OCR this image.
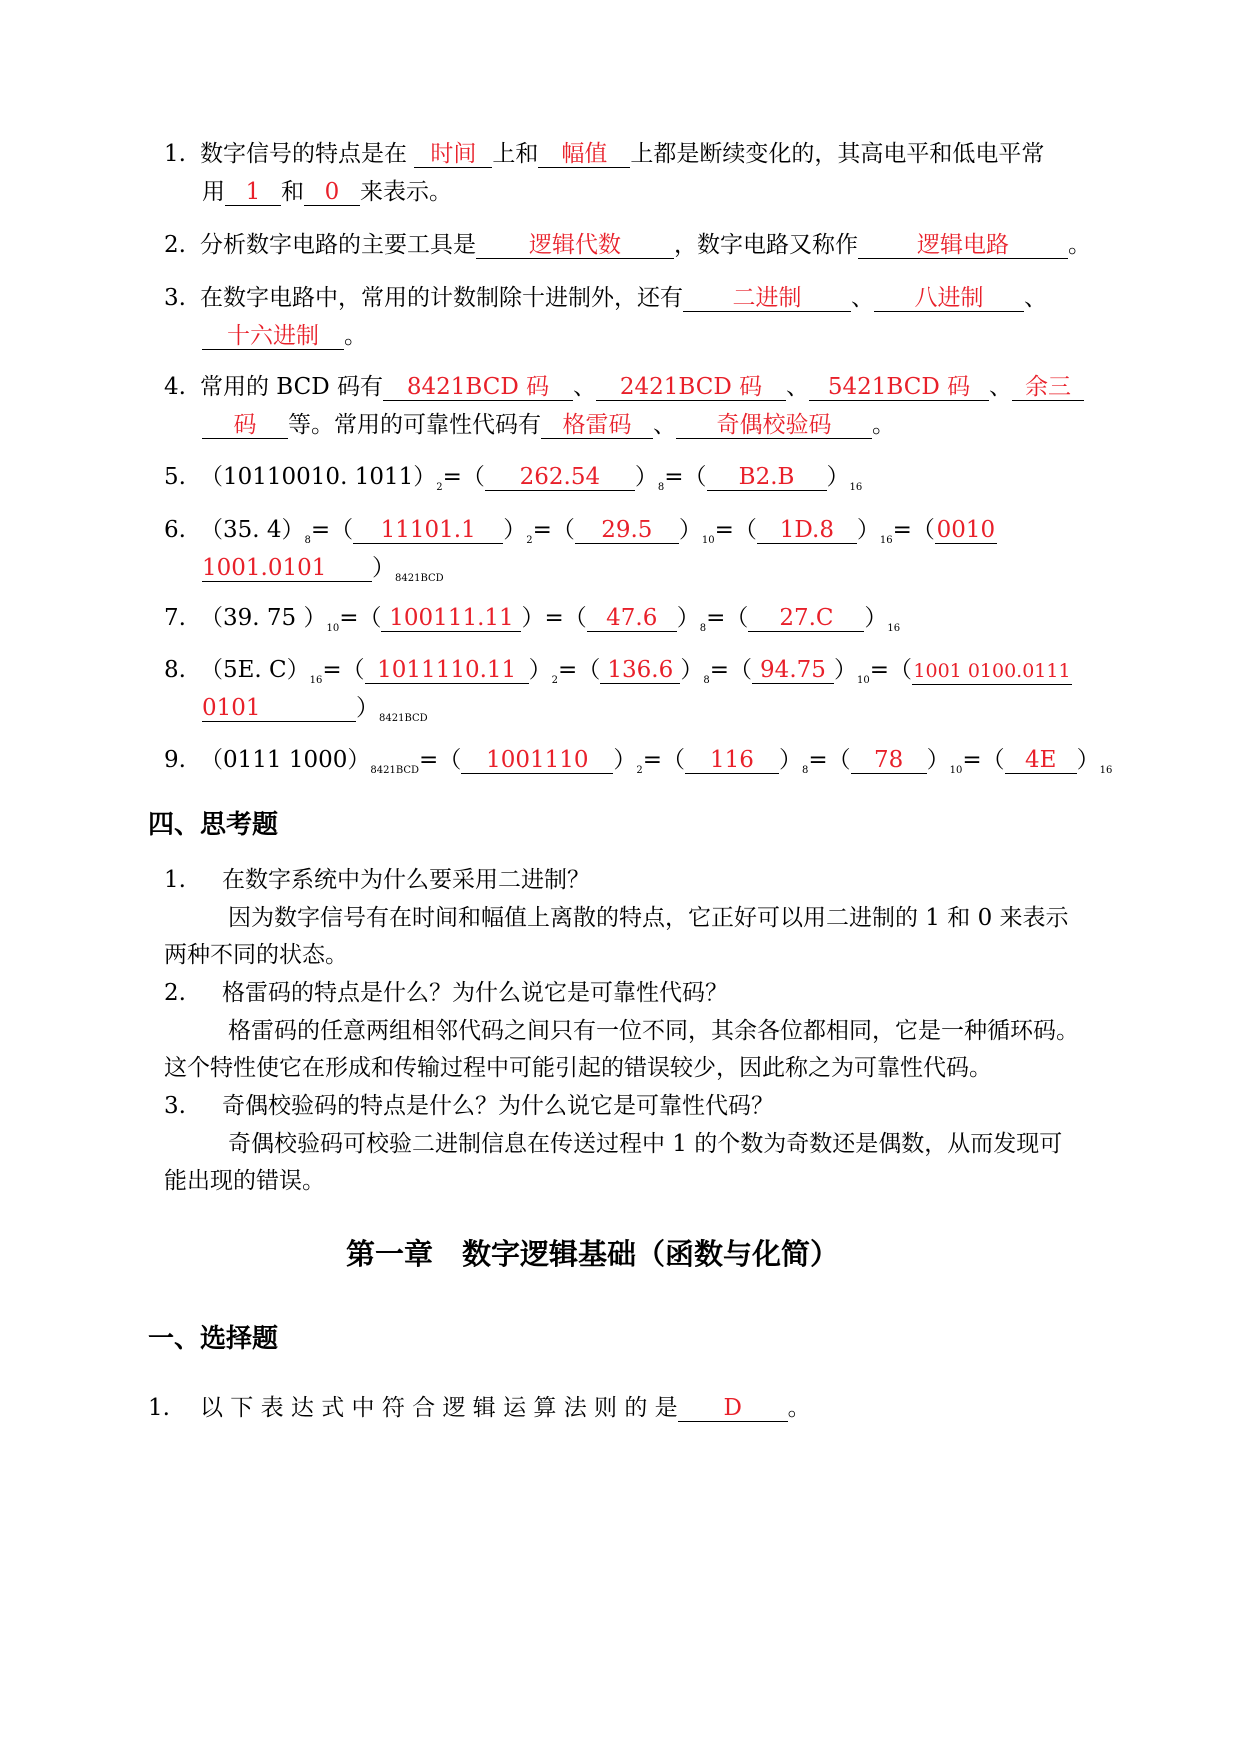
1. 数字信号的特点是在 时间 上和 幅值 上都是断续变化的，其高电平和低电平常
用 1 和 0 来表示。
2. 分析数字电路的主要工具是 逻辑代数 ，数字电路又称作	逻辑电路	。
3. 在数字电路中，常用的计数制除十进制外，还有 二进制 、 八进制 、
十六进制 。
4. 常用的 BCD 码有 8421BCD 码 、 2421BCD 码 、 5421BCD 码 、 余三
码 等。常用的可靠性代码有 格雷码 、 奇偶校验码 。
5. （10110010. $1011)_2=$（ 262.54 ）$_8=$（ B2.B ）$_{16}$
6. （35. $4)_8=$（ 11101.1 ）$_2=$（ 29.5 ）$_{10}=$（ 1D.8 ）$_{16}=(0010$
1001.0101 ）$_{8421BCD}$
7. （39. 75 ）$_{10}=$（ 100111.11 ）=（ 47.6 ）$_8=$（ 27.C ）$_{16}$
8. （5E. $C)_{16}=$（ 1011110.11 ）$_2=$（ 136.6 ）$_8=$（ 94.75 ）$_{10}=(1001$ 0100.0111
0101	）$_{8421BCD}$
9. （0111 $1000)_{8421BCD}=$（ 1001110 ）$_2=$（ 116 ）$_8=$（ 78 ）$_{10}=$（ 4E ）$_{16}$
四、思考题
1. 在数字系统中为什么要采用二进制？
因为数字信号有在时间和幅值上离散的特点，它正好可以用二进制的 1 和 0 来表示
两种不同的状态。
2. 格雷码的特点是什么？为什么说它是可靠性代码？
格雷码的任意两组相邻代码之间只有一位不同，其余各位都相同，它是一种循环码。
这个特性使它在形成和传输过程中可能引起的错误较少，因此称之为可靠性代码。
3. 奇偶校验码的特点是什么？为什么说它是可靠性代码？
奇偶校验码可校验二进制信息在传送过程中 1 的个数为奇数还是偶数，从而发现可
能出现的错误。
第一章　数字逻辑基础（函数与化简）
一、选择题
1. 以 下 表 达 式 中 符 合 逻 辑 运 算 法 则 的 是 D 。
